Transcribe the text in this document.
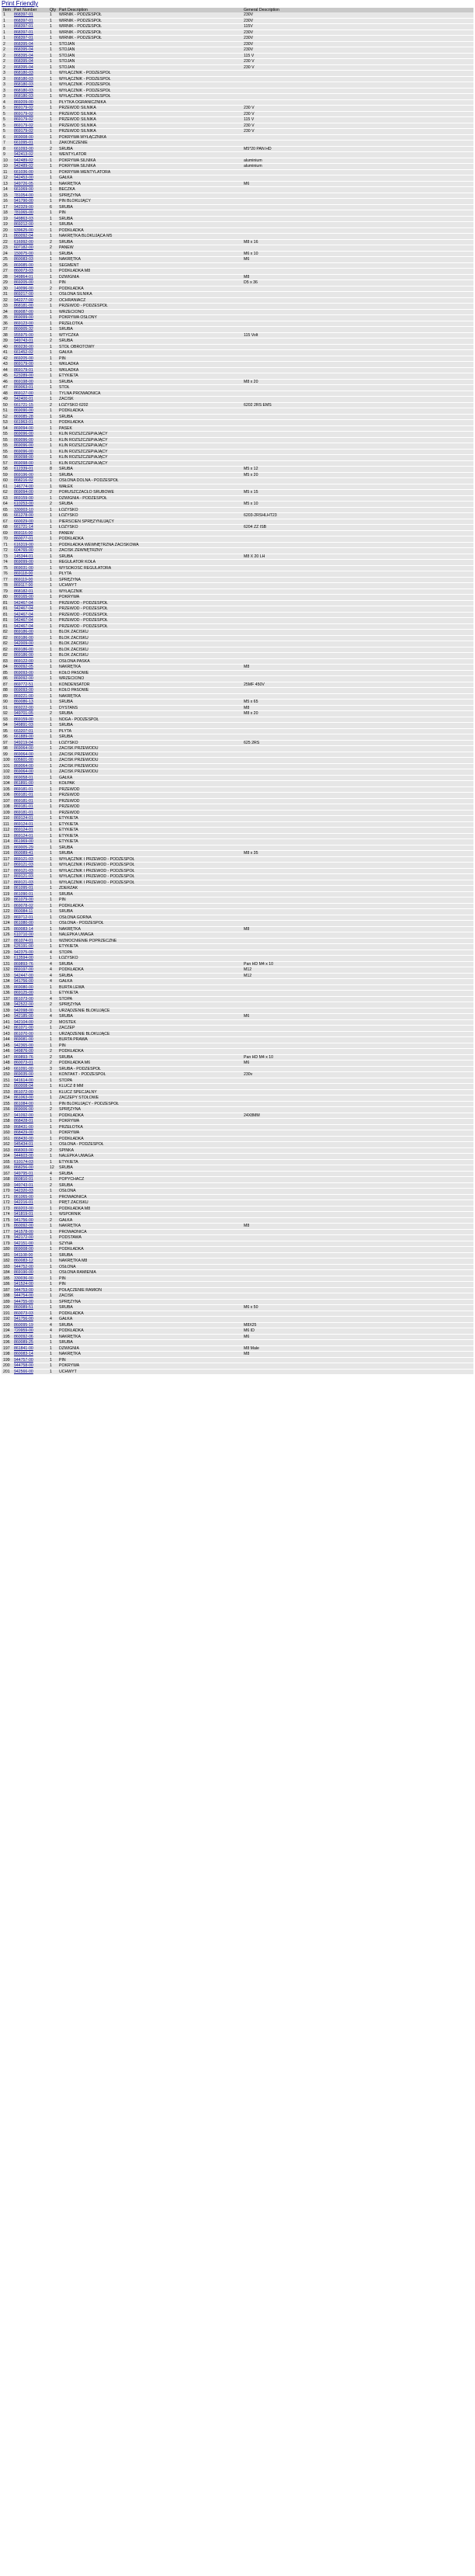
Print Friendly
Item	Part Number	Qty	Part Description	General Description
1	868397-01	1	WIRNIK - PODZESPÓŁ	230V
1	868397-01	1	WIRNIK - PODZESPÓŁ	230V
1	868397-01	1	WIRNIK - PODZESPÓŁ	115V
1	868397-01	1	WIRNIK - PODZESPÓŁ	230V
1	868397-01	1	WIRNIK - PODZESPÓŁ	230V
2	868395-04	1	STOJAN	230V
2	868395-04	1	STOJAN	230V
2	868395-04	1	STOJAN	115 V
2	868395-04	1	STOJAN	230 V
2	868395-04	1	STOJAN	230 V
3	868180-03	1	WYŁĄCZNIK - PODZESPÓŁ	
3	868180-03	1	WYŁĄCZNIK - PODZESPÓŁ	
3	868180-03	1	WYŁĄCZNIK - PODZESPÓŁ	
3	868180-03	1	WYŁĄCZNIK - PODZESPÓŁ	
3	868180-03	1	WYŁĄCZNIK - PODZESPÓŁ	
4	869209-00	1	PŁYTKA OGRANICZNIKA	
5	869179-02	1	PRZEWÓD SILNIKA	230 V
5	869179-02	1	PRZEWÓD SILNIKA	230 V
5	869179-02	1	PRZEWÓD SILNIKA	115 V
5	869179-02	1	PRZEWÓD SILNIKA	230 V
5	869179-02	1	PRZEWÓD SILNIKA	230 V
6	869008-00	1	POKRYWA WYŁĄCZNIKA	
7	661095-01	1	ZAKOŃCZENIE	
8	661093-00	2	ŚRUBA	M5*20 PAN HD
9	942413-02	1	WENTYLATOR	
10	942489-02	1	POKRYWA SILNIKA	aluminium
10	942489-02	1	POKRYWA SILNIKA	aluminium
11	661036-00	1	POKRYWA WENTYLATORA	
12	942453-00	1	GAŁKA	
13	949726-05	1	NAKRĘTKA	M6
14	661069-00	1	BECZKA	
15	781054-00	1	SPRĘŻYNA	
16	941790-00	1	PIN BLOKUJĄCY	
17	942329-00	6	ŚRUBA	
18	781065-00	1	PIN	
19	949863-03	1	ŚRUBA	
19	869212-00	1	ŚRUBA	
20	939625-00	1	PODKŁADKA	
21	860092-04	1	NAKRĘTKA BLOKUJĄCA M5	
22	616992-00	2	ŚRUBA	M8 x 16
23	607182-00	2	PANEW	
24	150075-00	1	ŚRUBA	M6 x 10
25	860083-03	1	NAKRĘTKA	M6
26	869085-00	1	SEGMENT	
27	860073-03	1	PODKŁADKA M8	
28	949864-01	1	DŹWIGNIA	M8
29	869205-00	1	PIN	D5 x 36
30	140096-00	2	PODKŁADKA	
31	869217-00	1	OSŁONA SILNIKA	
32	942277-00	2	OCHRANIACZ	
33	868181-00	1	PRZEWÓD - PODZESPÓŁ	
34	869087-00	1	WRZECIONO	
35	869099-00	1	POKRYWA OSŁONY	
36	869123-00	1	PRZEŁOTKA	
37	860005-32	1	ŚRUBA	
38	955975-00	1	WTYCZKA	115 Volt
39	949743-01	2	ŚRUBA	
40	869230-00	1	STÓŁ OBROTOWY	
41	661452-02	1	GAŁKA	
42	869205-00	1	PIN	
43	869179-00	1	WKŁADKA	
44	869179-01	1	WKŁADKA	
45	623289-00	1	ETYKIETA	
46	869198-00	1	ŚRUBA	M8 x 20
47	869063-01	1	STÓŁ	
48	869127-00	1	TYLNA PROWADNICA	
49	942400-01	1	ZACISK	
50	661721-15	2	ŁOŻYSKO 6202	6202 2RS EMS
51	869090-00	1	PODKŁADKA	
52	869085-28	1	ŚRUBA	
53	661963-01	1	PODKŁADKA	
54	869094-00	1	PASEK	
55	869096-00	1	KLIN ROZSZCZEPIAJĄCY	
55	869096-00	1	KLIN ROZSZCZEPIAJĄCY	
55	869096-00	1	KLIN ROZSZCZEPIAJĄCY	
55	869096-00	1	KLIN ROZSZCZEPIAJĄCY	
56	869098-00	1	KLIN ROZSZCZEPIAJĄCY	
57	869098-00	1	KLIN ROZSZCZEPIAJĄCY	
58	612339-01	8	ŚRUBA	M5 x 12
59	869196-00	1	ŚRUBA	M5 x 20
60	868216-02	1	OSŁONA DOLNA - PODZESPÓŁ	
61	146774-00	1	WAŁEK	
62	869094-00	2	PORUSZCZACŁO ŚRUBOWE	M5 x 15
63	869159-00	1	DŹWIGNIA - PODZESPÓŁ	
64	610253-00	2	ŚRUBA	M5 x 10
65	330003-10	1	ŁOŻYSKO	
66	661278-00	1	ŁOŻYSKO	6203-2RSHLHT23
67	660029-00	1	PIERŚCIEŃ SPRĘŻYNUJĄCY	
68	661721-14	1	ŁOŻYSKO	6204 ZZ ISB
69	869116-00	1	PANEW	
70	860077-01	1	PODKŁADKA	
71	616319-00	1	PODKŁADKA WEWNĘTRZNA ZACISKOWA	
72	604765-00	1	ZACISK ZEWNĘTRZNY	
73	145344-01	1	ŚRUBA	M8 X 20 LH
74	869099-00	1	REGULATOR KOŁA	
75	869031-00	1	WYSOKOŚĆ REGULATORA	
76	869118-00	1	PŁYTA	
77	869119-00	1	SPRĘŻYNA	
78	869117-00	1	UCHWYT	
79	868182-01	1	WYŁĄCZNIK	
80	869165-00	1	POKRYWA	
81	942467-04	1	PRZEWÓD - PODZESPÓŁ	
81	942467-04	1	PRZEWÓD - PODZESPÓŁ	
81	942467-04	1	PRZEWÓD - PODZESPÓŁ	
81	942467-04	1	PRZEWÓD - PODZESPÓŁ	
81	942467-04	1	PRZEWÓD - PODZESPÓŁ	
82	869186-00	1	BLOK ZACISKU	
82	869186-00	1	BLOK ZACISKU	
82	942009-00	1	BLOK ZACISKU	
82	869186-00	1	BLOK ZACISKU	
82	869186-00	1	BLOK ZACISKU	
83	869122-00	1	OSŁONA PASKA	
84	860092-05	1	NAKRĘTKA	M8
85	869093-00	1	KOŁO PASOWE	
86	869092-00	1	WRZECIONO	
87	869772-51	1	KONDENSATOR	25MF 450V
88	869093-00	1	KOŁO PASOWE	
89	869221-00	1	NAKRĘTKA	
90	860086-13	1	ŚRUBA	M5 x 65
91	869222-00	1	DYSTANS	M8
92	949701-05	2	ŚRUBA	M8 x 20
93	869159-00	1	NOGA - PODZESPÓŁ	
94	949891-03	1	ŚRUBA	
95	663207-01	1	PŁYTA	
96	661889-00	1	ŚRUBA	
97	949219-04	1	ŁOŻYSKO	625 2RS
98	869064-00	1	ZACISK PRZEWODU	
99	869064-00	1	ZACISK PRZEWODU	
100	605601-00	1	ZACISK PRZEWODU	
101	869064-00	1	ZACISK PRZEWODU	
102	869064-00	1	ZACISK PRZEWODU	
103	869058-01	1	GAŁKA	
104	861891-00	1	KOŁPAK	
105	869181-01	1	PRZEWÓD	
106	869181-01	1	PRZEWÓD	
107	869181-01	1	PRZEWÓD	
108	869181-01	1	PRZEWÓD	
109	869181-01	1	PRZEWÓD	
110	869124-01	1	ETYKIETA	
111	869124-01	1	ETYKIETA	
112	869124-01	1	ETYKIETA	
113	869124-01	1	ETYKIETA	
114	861969-00	1	ETYKIETA	
115	869005-29	1	ŚRUBA	
116	860089-41	1	ŚRUBA	M8 x 35
117	869121-03	1	WYŁĄCZNIK I PRZEWÓD - PODZESPÓŁ	
117	869121-03	1	WYŁĄCZNIK I PRZEWÓD - PODZESPÓŁ	
117	869121-03	1	WYŁĄCZNIK I PRZEWÓD - PODZESPÓŁ	
117	869121-03	1	WYŁĄCZNIK I PRZEWÓD - PODZESPÓŁ	
117	869121-03	1	WYŁĄCZNIK I PRZEWÓD - PODZESPÓŁ	
118	861095-01	1	ZDERZAK	
119	861090-01	1	ŚRUBA	
120	861079-00	1	PIN	
121	869078-02	1	PODKŁADKA	
122	860084-11	1	ŚRUBA	
123	869712-01	1	OSŁONA GÓRNA	
124	861080-00	1	OSŁONA - PODZESPÓŁ	
125	860083-14	1	NAKRĘTKA	M8
126	610710-00	1	NALEPKA UWAGA	
127	861074-01	1	WZMOCNIENIE POPRZECZNE	
128	626191-00	1	ETYKIETA	
129	942375-00	4	STOPA	
130	613594-00	1	ŁOŻYSKO	
131	869893-76	4	ŚRUBA	Pan HD M4 x 10
132	869197-00	4	PODKŁADKA	M12
133	942447-00	4	ŚRUBA	M12
134	941756-00	4	GAŁKA	
135	869080-00	1	BURTA LEWA	
136	869125-00	1	ETYKIETA	
137	861073-00	4	STOPA	
138	942522-00	2	SPRĘŻYNA	
139	942098-00	1	URZĄDZENIE BLOKUJĄCE	
140	942185-00	4	ŚRUBA	M6
141	942104-00	2	MOSTEK	
142	861071-00	1	ZACZEP	
143	861070-00	1	URZĄDZENIE BLOKUJĄCE	
144	869081-00	1	BURTA PRAWA	
145	942365-00	1	PIN	
146	949876-00	2	PODKŁADKA	
147	869893-76	2	ŚRUBA	Pan HD M4 x 10
148	860073-01	2	PODKŁADKA M6	M6
149	661091-00	3	ŚRUBA - PODZESPÓŁ	
150	869035-00	1	KONTAKT - PODZESPÓŁ	230v
151	941614-00	1	STOPA	
152	860008-04	1	KLUCZ 8 MM	
153	861072-00	1	KLUCZ SPECJALNY	
154	861063-00	1	ZACZEPY STOŁOWE	
155	861084-00	1	PIN BLOKUJĄCY - PODZESPÓŁ	
156	869006-00	2	SPRĘŻYNA	
157	941092-00	1	PODKŁADKA	24X8MM
158	868428-01	1	POKRYWA	
159	868431-00	1	PRZEŁOTKA	
160	868429-00	1	POKRYWA	
161	868430-00	1	PODKŁADKA	
162	945434-01	1	OSŁONA - PODZESPÓŁ	
163	868303-00	2	SPINKA	
164	944603-00	1	NALEPKA UWAGA	
165	610174-03	1	ETYKIETA	
166	868256-00	12	ŚRUBA	
167	949795-01	4	ŚRUBA	
168	860810-01	1	POPYCHACZ	
169	949743-01	2	ŚRUBA	
170	942320-03	1	OSŁONA	
171	861065-00	1	PROWADNICA	
172	942216-01	1	PRĘT ZACISKU	
173	869203-00	1	PODKŁADKA M8	
174	941819-01	1	WSPORNIK	
175	941756-00	2	GAŁKA	
176	860092-00	1	NAKRĘTKA	M8
177	941578-00	1	PROWADNICA	
178	942172-00	1	PODSTAWA	
179	942151-00	1	SZYNA	
180	869008-00	1	PODKŁADKA	
181	941108-00	1	ŚRUBA	
182	860083-12	1	NAKRĘTKA M8	
183	944752-00	1	OSŁONA	
184	869190-00	1	OSŁONA RAMIENIA	
185	330036-00	1	PIN	
186	941524-00	1	PIN	
187	944753-00	1	POŁĄCZENIE RAMION	
188	944754-00	1	ZACISK	
189	944755-00	1	SPRĘŻYNA	
190	860089-51	1	ŚRUBA	M6 x 50
191	860073-03	1	PODKŁADKA	
192	941756-00	4	GAŁKA	
193	860095-19	4	ŚRUBA	M8X25
194	720959-00	4	PODKŁADKA	M6 ID
195	860092-06	1	NAKRĘTKA	M6
196	860089-25	1	ŚRUBA	
197	861841-00	1	DŹWIGNIA	M8 Male
198	860083-14	1	NAKRĘTKA	M8
199	944757-00	1	PIN	
200	944758-00	1	POKRYWA	
201	942566-00	1	UCHWYT	
